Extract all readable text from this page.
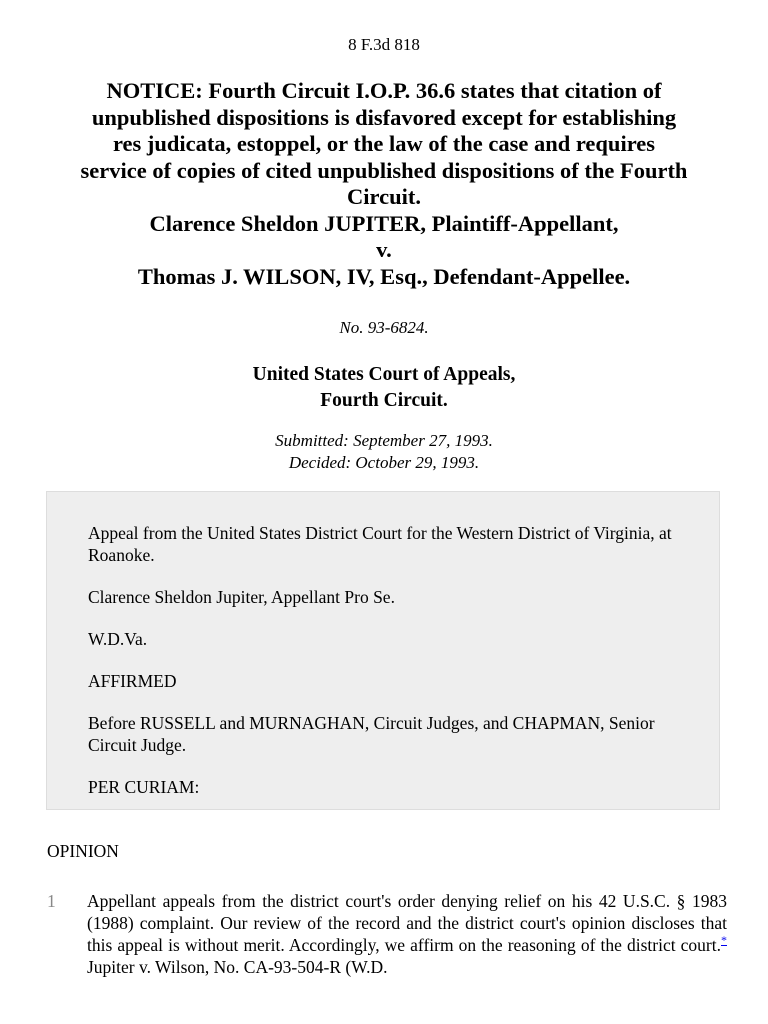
8 F.3d 818
NOTICE: Fourth Circuit I.O.P. 36.6 states that citation of
unpublished dispositions is disfavored except for establishing
res judicata, estoppel, or the law of the case and requires
service of copies of cited unpublished dispositions of the Fourth
Circuit.
Clarence Sheldon JUPITER, Plaintiff-Appellant,
v.
Thomas J. WILSON, IV, Esq., Defendant-Appellee.
No. 93-6824.
United States Court of Appeals,
Fourth Circuit.
Submitted: September 27, 1993.
Decided: October 29, 1993.

Appeal from the United States District Court for the Western District of Virginia, at Roanoke.

Clarence Sheldon Jupiter, Appellant Pro Se.

W.D.Va.

AFFIRMED

Before RUSSELL and MURNAGHAN, Circuit Judges, and CHAPMAN, Senior Circuit Judge.

PER CURIAM:

OPINION
1	Appellant appeals from the district court's order denying relief on his 42 U.S.C. § 1983 (1988) complaint. Our review of the record and the district court's opinion discloses that this appeal is without merit. Accordingly, we affirm on the reasoning of the district court.* Jupiter v. Wilson, No. CA-93-504-R (W.D.
